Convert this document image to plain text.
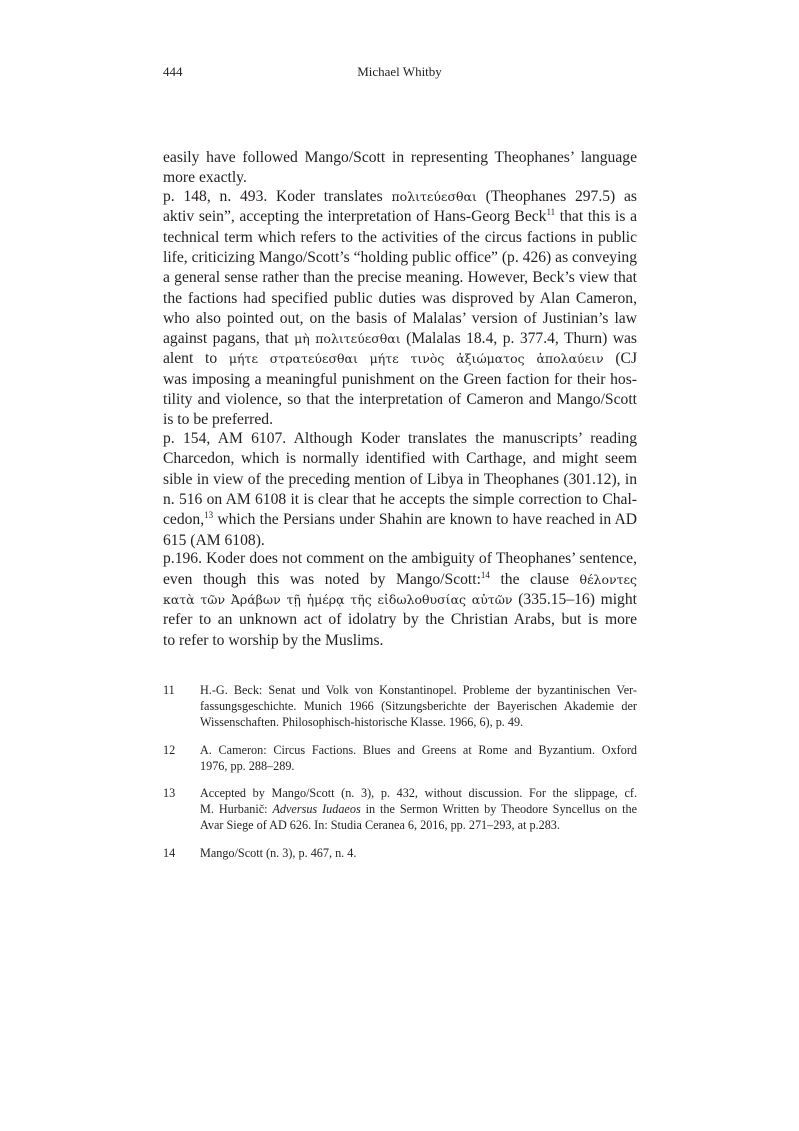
444	Michael Whitby
easily have followed Mango/Scott in representing Theophanes’ language
more exactly.
p. 148, n. 493. Koder translates πολιτεύεσθαι (Theophanes 297.5) as
aktiv sein”, accepting the interpretation of Hans-Georg Beck$^{11}$ that this is a
technical term which refers to the activities of the circus factions in public
life, criticizing Mango/Scott’s “holding public office” (p. 426) as conveying
a general sense rather than the precise meaning. However, Beck’s view that
the factions had specified public duties was disproved by Alan Cameron,
who also pointed out, on the basis of Malalas’ version of Justinian’s law
against pagans, that μὴ πολιτεύεσθαι (Malalas 18.4, p. 377.4, Thurn) was
alent to μήτε στρατεύεσθαι μήτε τινὸς ἀξιώματος ἀπολαύειν (CJ
was imposing a meaningful punishment on the Green faction for their hos-
tility and violence, so that the interpretation of Cameron and Mango/Scott
is to be preferred.
p. 154, AM 6107. Although Koder translates the manuscripts’ reading
Charcedon, which is normally identified with Carthage, and might seem
sible in view of the preceding mention of Libya in Theophanes (301.12), in
n. 516 on AM 6108 it is clear that he accepts the simple correction to Chal-
cedon,$^{13}$ which the Persians under Shahin are known to have reached in AD
615 (AM 6108).
p.196. Koder does not comment on the ambiguity of Theophanes’ sentence,
even though this was noted by Mango/Scott:$^{14}$ the clause θέλοντες
κατὰ τῶν Ἀράβων τῇ ἡμέρᾳ τῆς εἰδωλοθυσίας αὐτῶν (335.15–16) might
refer to an unknown act of idolatry by the Christian Arabs, but is more
to refer to worship by the Muslims.
11 H.-G. Beck: Senat und Volk von Konstantinopel. Probleme der byzantinischen Ver-
fassungsgeschichte. Munich 1966 (Sitzungsberichte der Bayerischen Akademie der
Wissenschaften. Philosophisch-historische Klasse. 1966, 6), p. 49.
12 A. Cameron: Circus Factions. Blues and Greens at Rome and Byzantium. Oxford
1976, pp. 288–289.
13 Accepted by Mango/Scott (n. 3), p. 432, without discussion. For the slippage, cf.
M. Hurbanič: Adversus Iudaeos in the Sermon Written by Theodore Syncellus on the
Avar Siege of AD 626. In: Studia Ceranea 6, 2016, pp. 271–293, at p.283.
14 Mango/Scott (n. 3), p. 467, n. 4.
